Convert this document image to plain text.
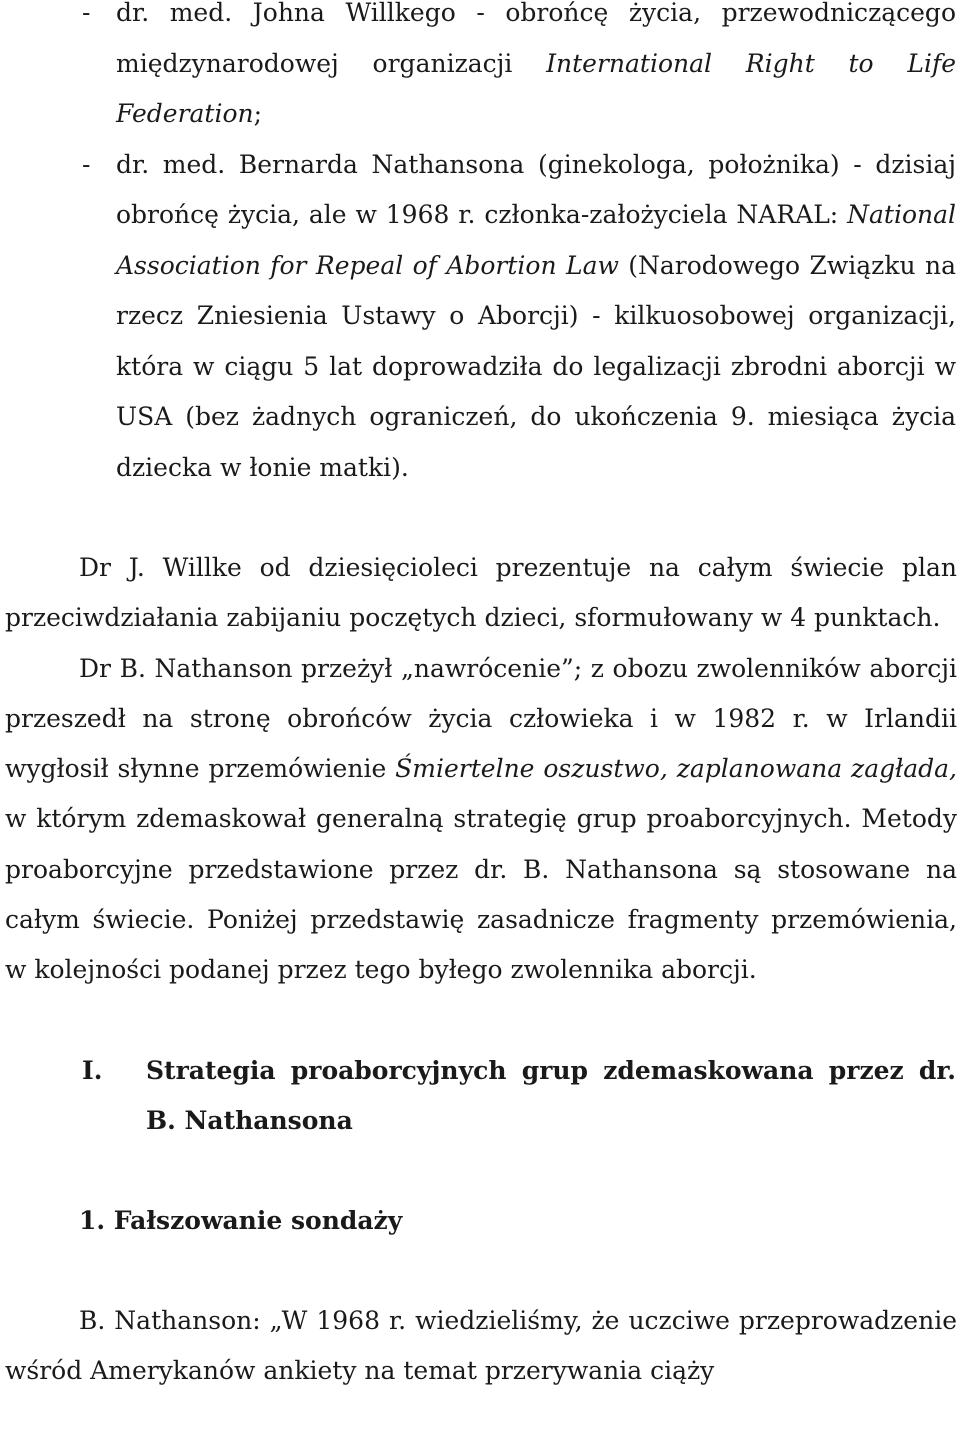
- dr. med. Johna Willkego - obrońcę życia, przewodniczącego międzynarodowej organizacji International Right to Life Federation;
- dr. med. Bernarda Nathansona (ginekologa, położnika) - dzisiaj obrońcę życia, ale w 1968 r. członka-założyciela NARAL: National Association for Repeal of Abortion Law (Narodowego Związku na rzecz Zniesienia Ustawy o Aborcji) - kilkuosobowej organizacji, która w ciągu 5 lat doprowadziła do legalizacji zbrodni aborcji w USA (bez żadnych ograniczeń, do ukończenia 9. miesiąca życia dziecka w łonie matki).
Dr J. Willke od dziesięcioleci prezentuje na całym świecie plan przeciwdziałania zabijaniu poczętych dzieci, sformułowany w 4 punktach.
Dr B. Nathanson przeżył „nawrócenie”; z obozu zwolenników aborcji przeszedł na stronę obrońców życia człowieka i w 1982 r. w Irlandii wygłosił słynne przemówienie Śmiertelne oszustwo, zaplanowana zagłada, w którym zdemaskował generalną strategię grup proaborcyjnych. Metody proaborcyjne przedstawione przez dr. B. Nathansona są stosowane na całym świecie. Poniżej przedstawię zasadnicze fragmenty przemówienia, w kolejności podanej przez tego byłego zwolennika aborcji.
I. Strategia proaborcyjnych grup zdemaskowana przez dr. B. Nathansona
1. Fałszowanie sondaży
B. Nathanson: „W 1968 r. wiedzieliśmy, że uczciwe przeprowadzenie wśród Amerykanów ankiety na temat przerywania ciąży
